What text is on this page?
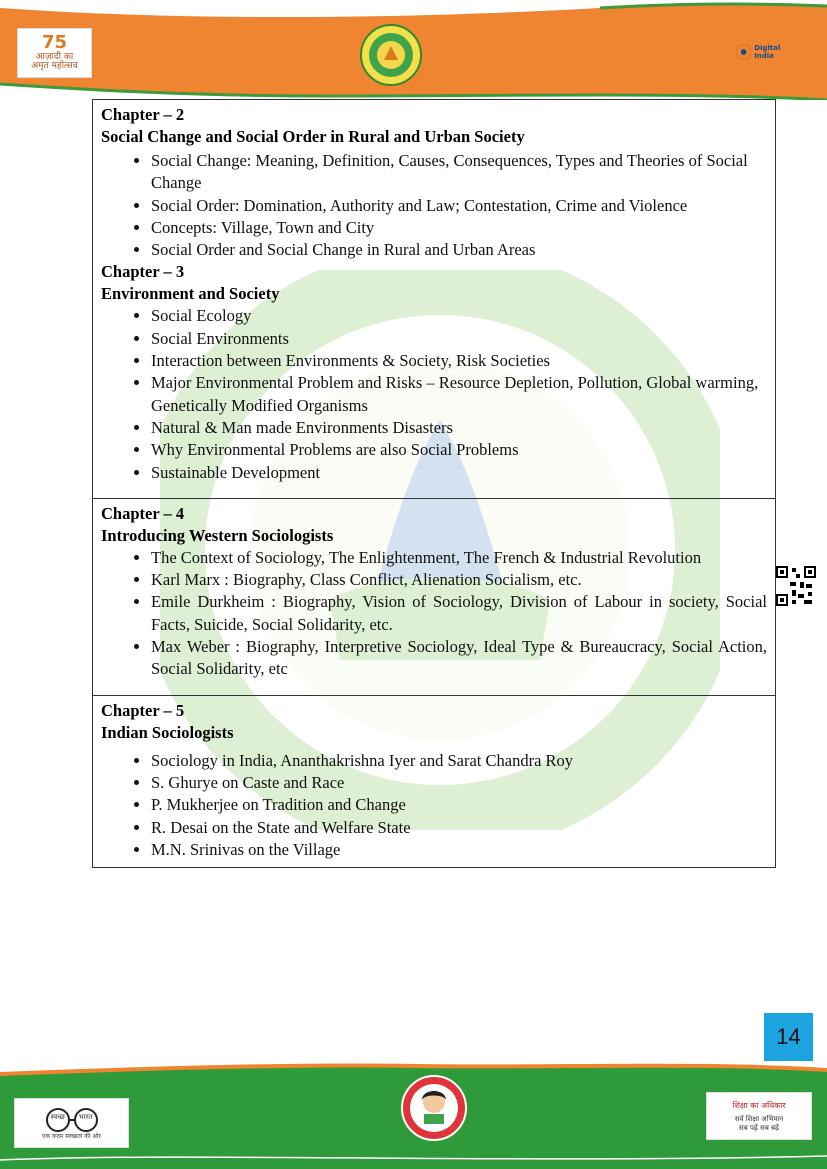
75
आज़ादी का
अमृत महोत्सव
Digital India
Chapter – 2
Social Change and Social Order in Rural and Urban Society
• Social Change: Meaning, Definition, Causes, Consequences, Types and Theories of Social Change
• Social Order: Domination, Authority and Law; Contestation, Crime and Violence
• Concepts: Village, Town and City
• Social Order and Social Change in Rural and Urban Areas
Chapter – 3
Environment and Society
• Social Ecology
• Social Environments
• Interaction between Environments & Society, Risk Societies
• Major Environmental Problem and Risks – Resource Depletion, Pollution, Global warming, Genetically Modified Organisms
• Natural & Man made Environments Disasters
• Why Environmental Problems are also Social Problems
• Sustainable Development
Chapter – 4
Introducing Western Sociologists
• The Context of Sociology, The Enlightenment, The French & Industrial Revolution
• Karl Marx : Biography, Class Conflict, Alienation Socialism, etc.
• Emile Durkheim : Biography, Vision of Sociology, Division of Labour in society, Social Facts, Suicide, Social Solidarity, etc.
• Max Weber : Biography, Interpretive Sociology, Ideal Type & Bureaucracy, Social Action, Social Solidarity, etc
Chapter – 5
Indian Sociologists
• Sociology in India, Ananthakrishna Iyer and Sarat Chandra Roy
• S. Ghurye on Caste and Race
• P. Mukherjee on Tradition and Change
• R. Desai on the State and Welfare State
• M.N. Srinivas on the Village
14
स्वच्छ भारत
एक कदम स्वच्छता की ओर
शिक्षा का अधिकार
सर्व शिक्षा अभियान
सब पढ़ें सब बढ़ें
